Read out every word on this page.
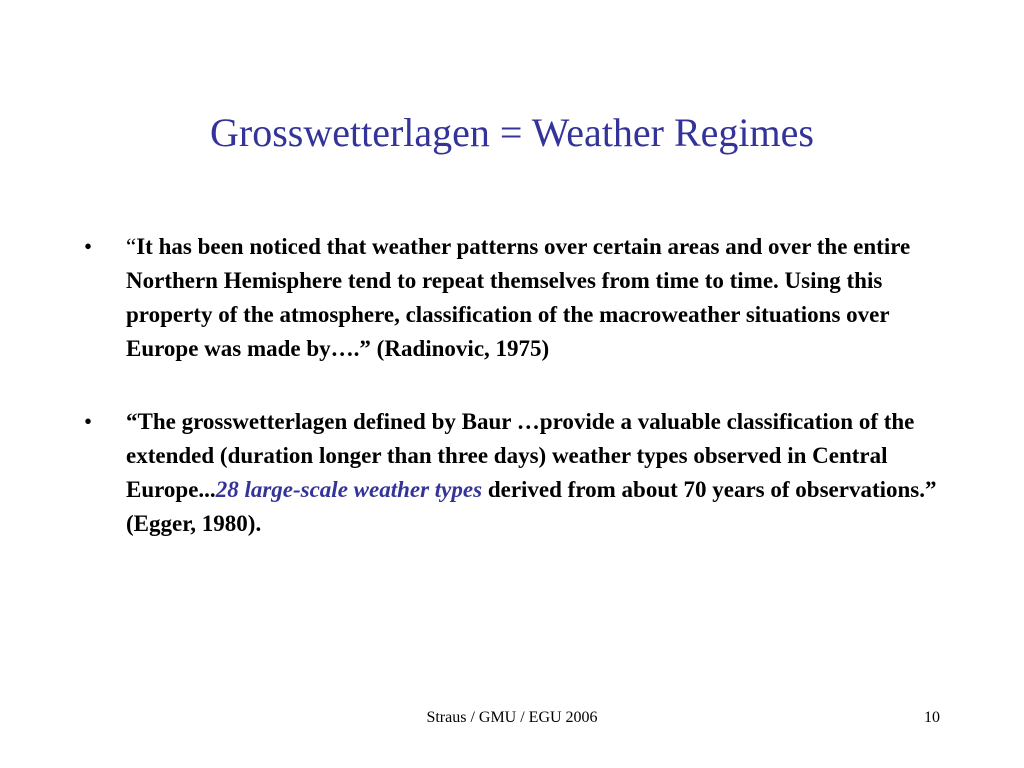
Grosswetterlagen = Weather Regimes
• “It has been noticed that weather patterns over certain areas and over the entire Northern Hemisphere tend to repeat themselves from time to time. Using this property of the atmosphere, classification of the macroweather situations over Europe was made by….” (Radinovic, 1975)
• “The grosswetterlagen defined by Baur …provide a valuable classification of the extended (duration longer than three days) weather types observed in Central Europe...28 large-scale weather types derived from about 70 years of observations.” (Egger, 1980).
Straus / GMU / EGU 2006	10
